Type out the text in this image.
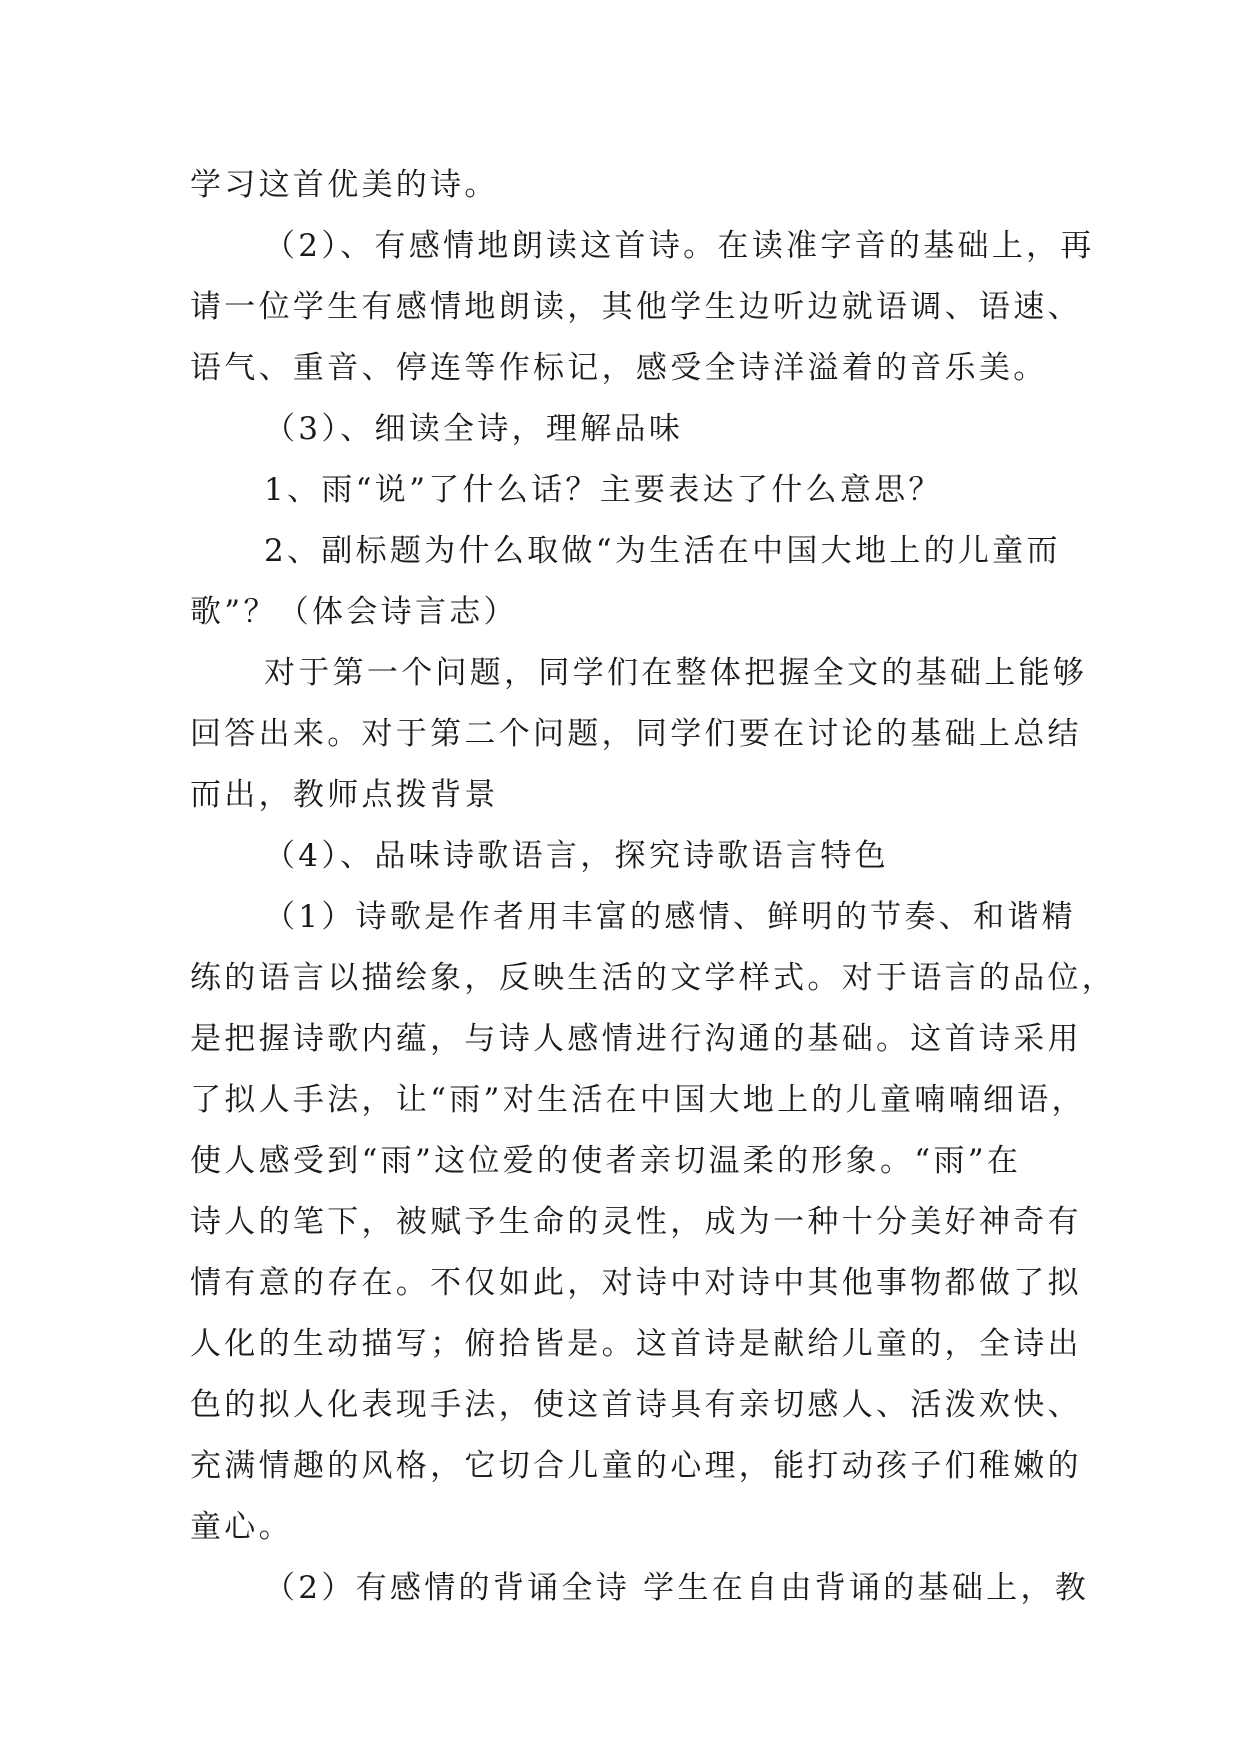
学习这首优美的诗。

（2）、有感情地朗读这首诗。在读准字音的基础上，再

请一位学生有感情地朗读，其他学生边听边就语调、语速、

语气、重音、停连等作标记，感受全诗洋溢着的音乐美。

（3）、细读全诗，理解品味

1、雨“说”了什么话？主要表达了什么意思？

2、副标题为什么取做“为生活在中国大地上的儿童而

歌”？（体会诗言志）

对于第一个问题，同学们在整体把握全文的基础上能够

回答出来。对于第二个问题，同学们要在讨论的基础上总结

而出，教师点拨背景

（4）、品味诗歌语言，探究诗歌语言特色

（1）诗歌是作者用丰富的感情、鲜明的节奏、和谐精

练的语言以描绘象，反映生活的文学样式。对于语言的品位，

是把握诗歌内蕴，与诗人感情进行沟通的基础。这首诗采用

了拟人手法，让“雨”对生活在中国大地上的儿童喃喃细语，

使人感受到“雨”这位爱的使者亲切温柔的形象。“雨”在

诗人的笔下，被赋予生命的灵性，成为一种十分美好神奇有

情有意的存在。不仅如此，对诗中对诗中其他事物都做了拟

人化的生动描写；俯拾皆是。这首诗是献给儿童的，全诗出

色的拟人化表现手法，使这首诗具有亲切感人、活泼欢快、

充满情趣的风格，它切合儿童的心理，能打动孩子们稚嫩的

童心。

（2）有感情的背诵全诗 学生在自由背诵的基础上，教
